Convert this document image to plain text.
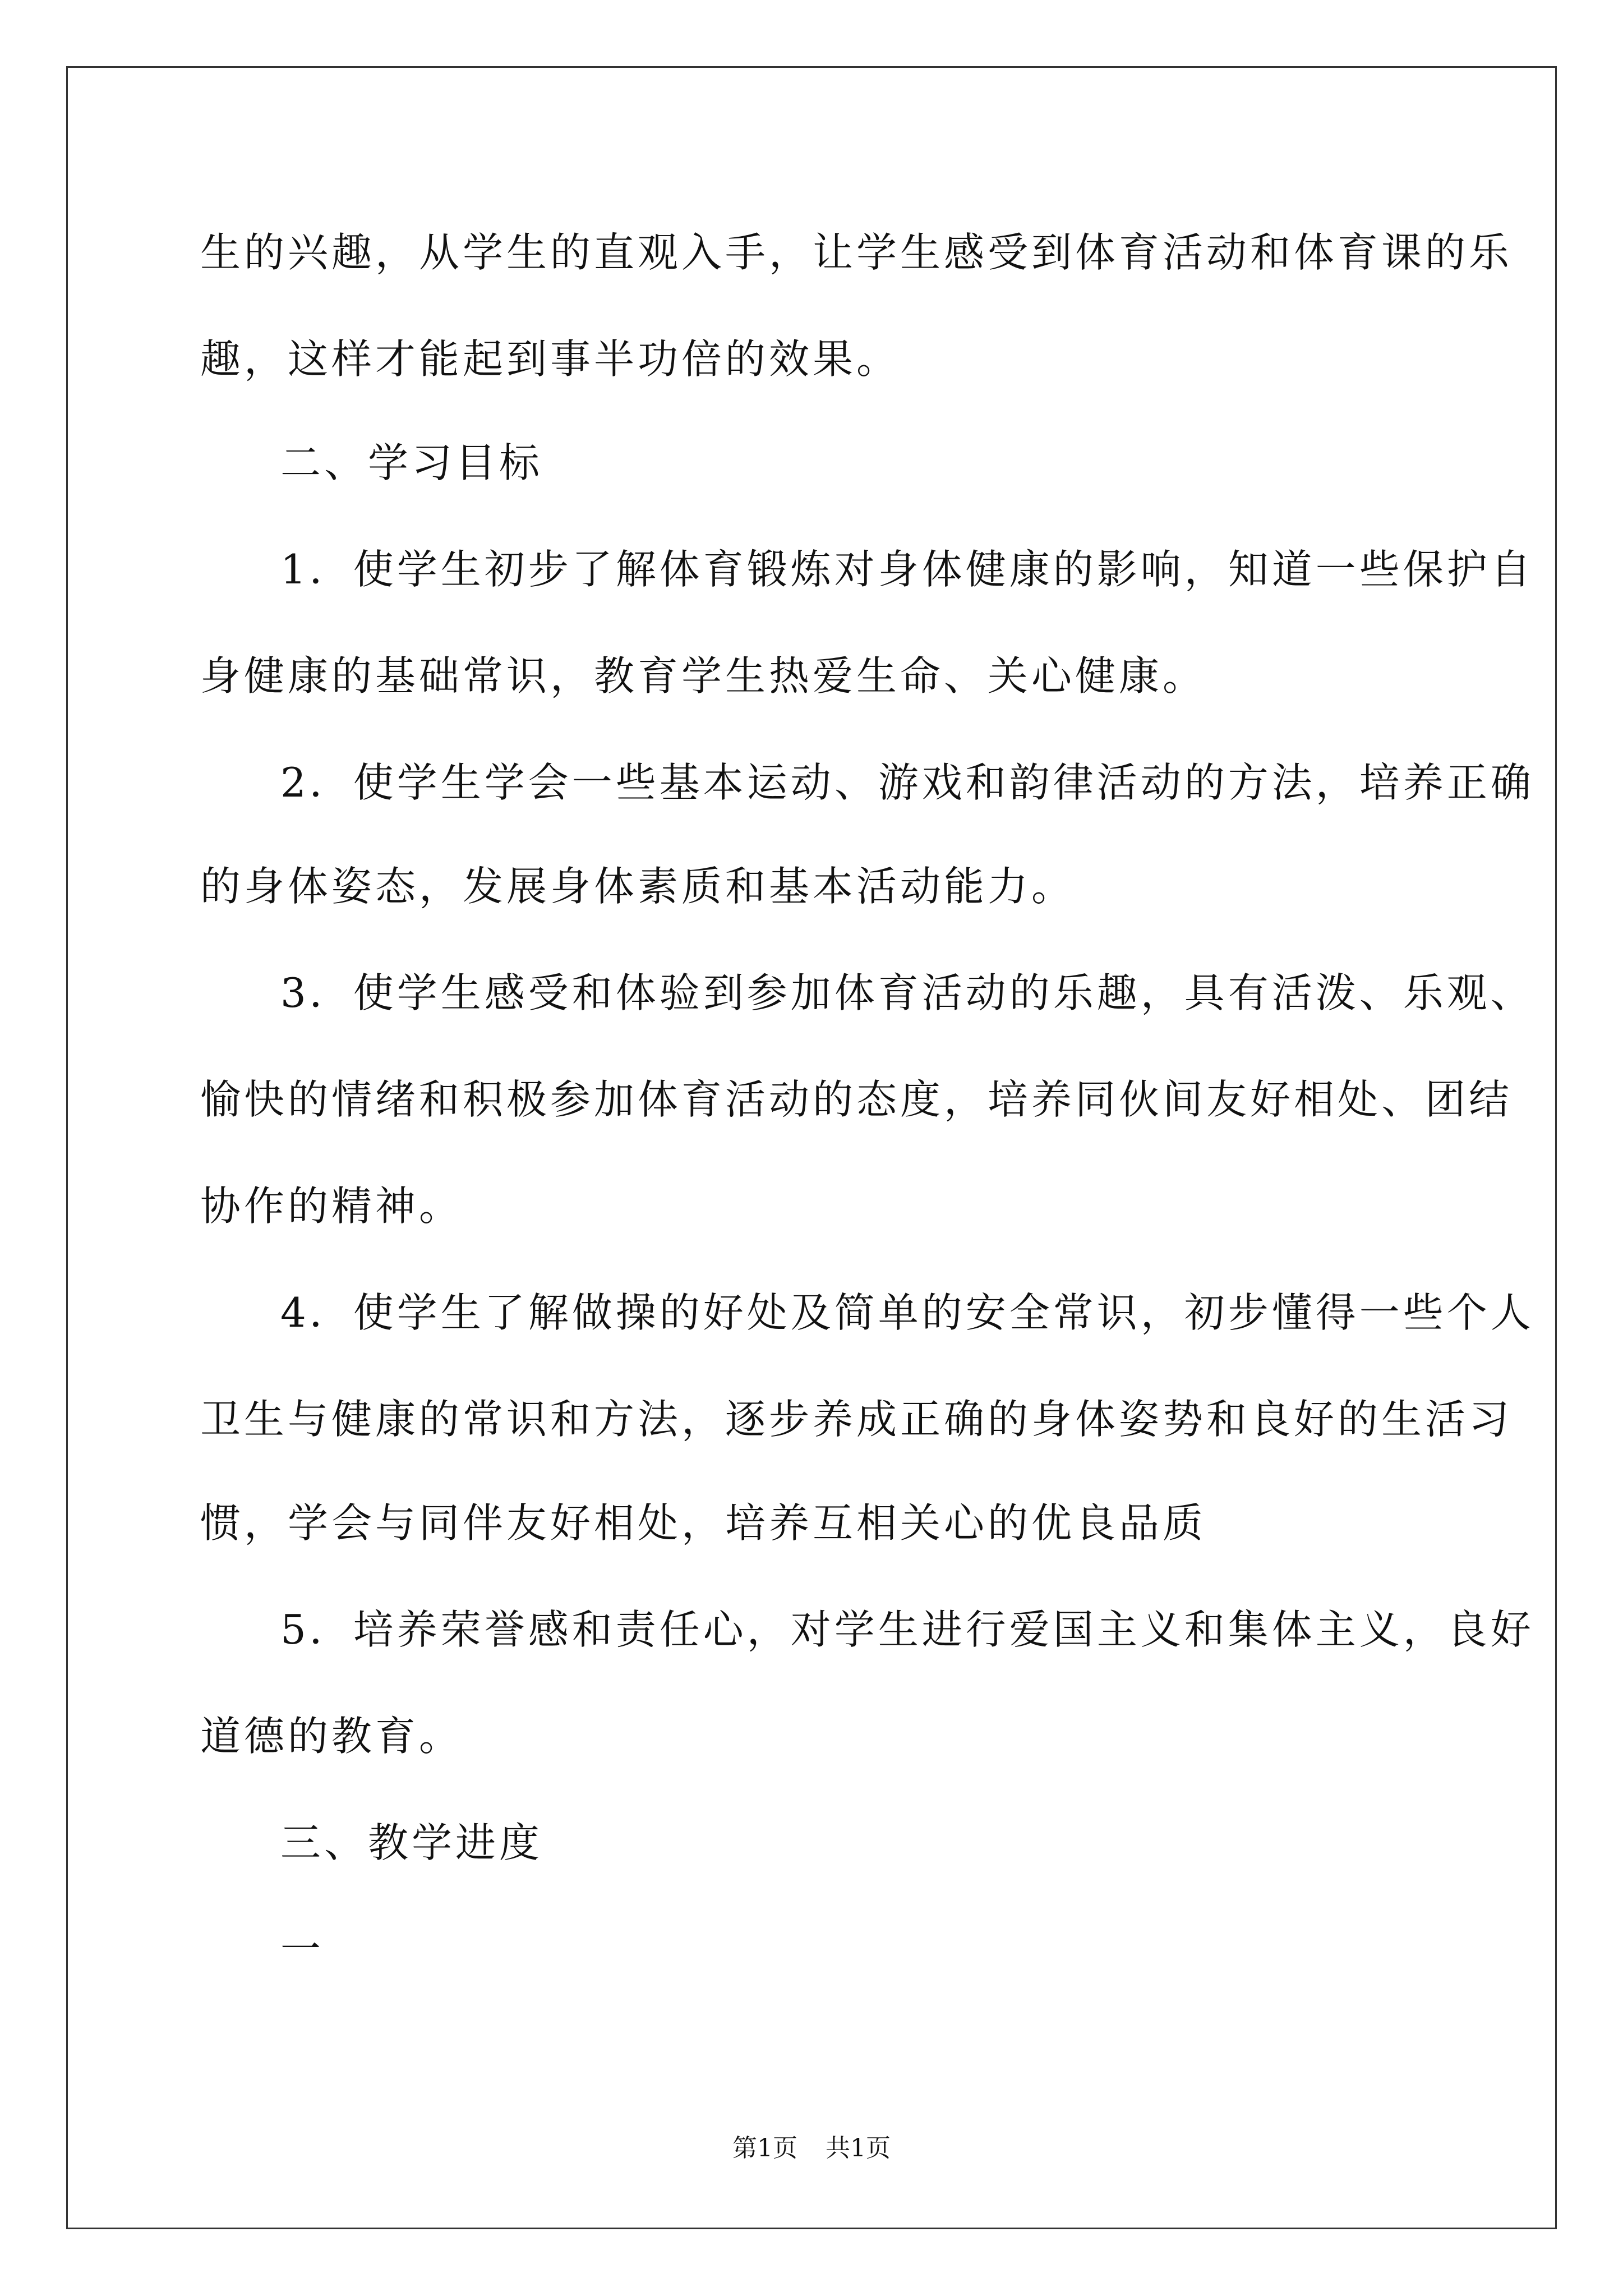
生的兴趣，从学生的直观入手，让学生感受到体育活动和体育课的乐

趣，这样才能起到事半功倍的效果。

二、学习目标

1．使学生初步了解体育锻炼对身体健康的影响，知道一些保护自

身健康的基础常识，教育学生热爱生命、关心健康。

2．使学生学会一些基本运动、游戏和韵律活动的方法，培养正确

的身体姿态，发展身体素质和基本活动能力。

3．使学生感受和体验到参加体育活动的乐趣，具有活泼、乐观、

愉快的情绪和积极参加体育活动的态度，培养同伙间友好相处、团结

协作的精神。

4．使学生了解做操的好处及简单的安全常识，初步懂得一些个人

卫生与健康的常识和方法，逐步养成正确的身体姿势和良好的生活习

惯，学会与同伴友好相处，培养互相关心的优良品质

5．培养荣誉感和责任心，对学生进行爱国主义和集体主义，良好

道德的教育。

三、教学进度

一

第1页 共1页
